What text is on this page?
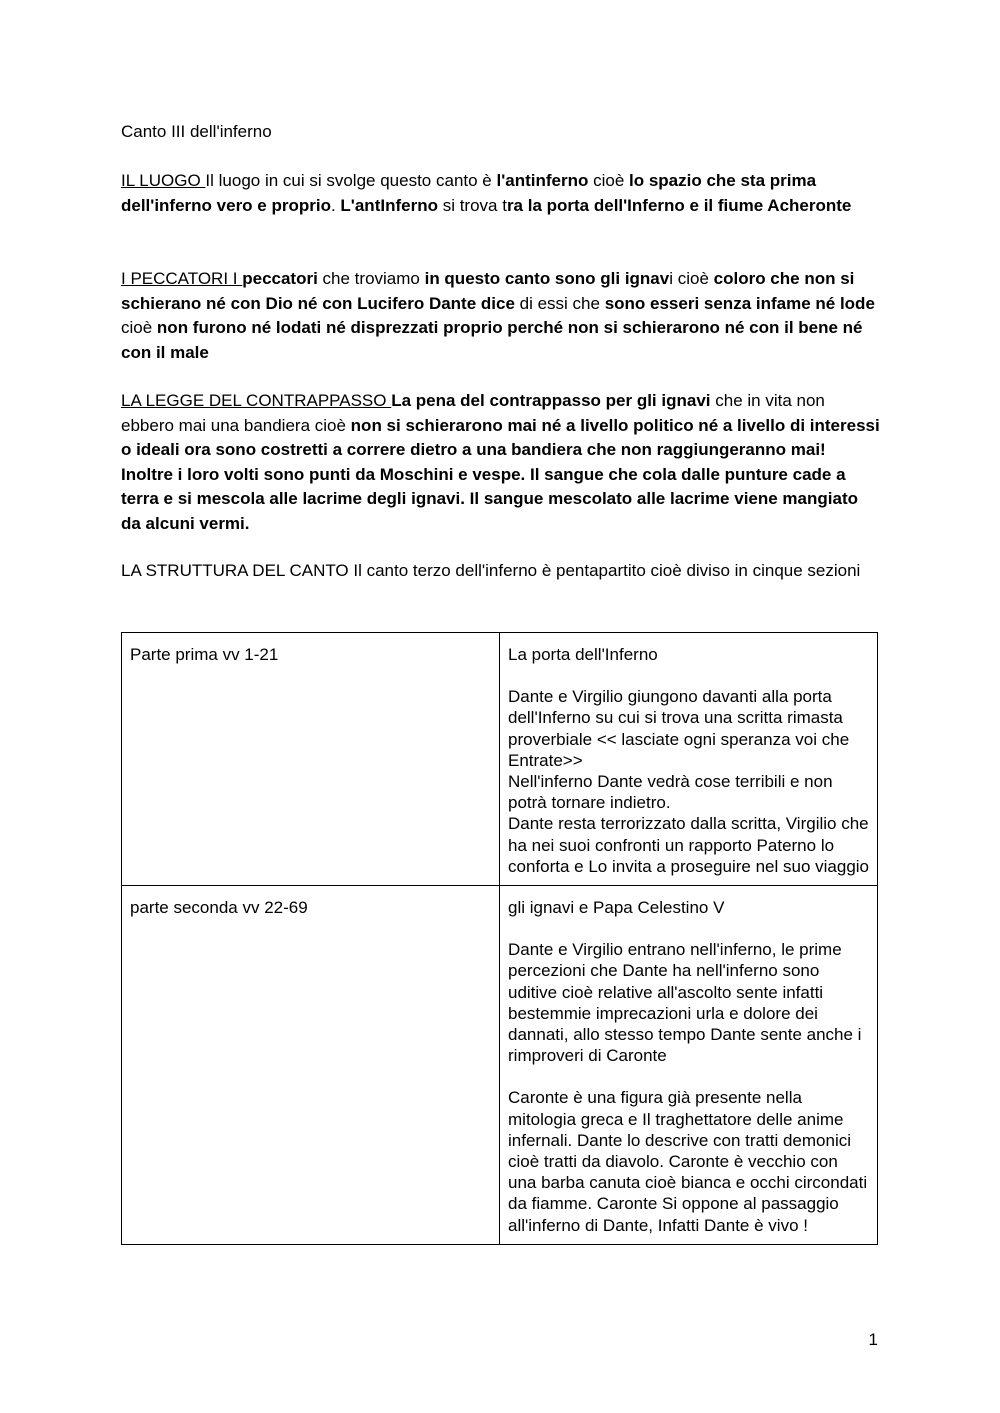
Canto III dell'inferno

IL LUOGO Il luogo in cui si svolge questo canto è l'antinferno cioè lo spazio che sta prima dell'inferno vero e proprio. L'antInferno si trova tra la porta dell'Inferno e il fiume Acheronte

I PECCATORI I peccatori che troviamo in questo canto sono gli ignavi cioè coloro che non si schierano né con Dio né con Lucifero Dante dice di essi che sono esseri senza infame né lode cioè non furono né lodati né disprezzati proprio perché non si schierarono né con il bene né con il male

LA LEGGE DEL CONTRAPPASSO La pena del contrappasso per gli ignavi che in vita non ebbero mai una bandiera cioè non si schierarono mai né a livello politico né a livello di interessi o ideali ora sono costretti a correre dietro a una bandiera che non raggiungeranno mai! Inoltre i loro volti sono punti da Moschini e vespe. Il sangue che cola dalle punture cade a terra e si mescola alle lacrime degli ignavi. Il sangue mescolato alle lacrime viene mangiato da alcuni vermi.

LA STRUTTURA DEL CANTO Il canto terzo dell'inferno è pentapartito cioè diviso in cinque sezioni

Parte prima vv 1-21	La porta dell'Inferno

Dante e Virgilio giungono davanti alla porta dell'Inferno su cui si trova una scritta rimasta proverbiale << lasciate ogni speranza voi che Entrate>>

Nell'inferno Dante vedrà cose terribili e non potrà tornare indietro.

Dante resta terrorizzato dalla scritta, Virgilio che ha nei suoi confronti un rapporto Paterno lo conforta e Lo invita a proseguire nel suo viaggio

parte seconda vv 22-69	gli ignavi e Papa Celestino V

Dante e Virgilio entrano nell'inferno, le prime percezioni che Dante ha nell'inferno sono uditive cioè relative all'ascolto sente infatti bestemmie imprecazioni urla e dolore dei dannati, allo stesso tempo Dante sente anche i rimproveri di Caronte

Caronte è una figura già presente nella mitologia greca e Il traghettatore delle anime infernali. Dante lo descrive con tratti demonici cioè tratti da diavolo. Caronte è vecchio con una barba canuta cioè bianca e occhi circondati da fiamme. Caronte Si oppone al passaggio all'inferno di Dante, Infatti Dante è vivo !

1
